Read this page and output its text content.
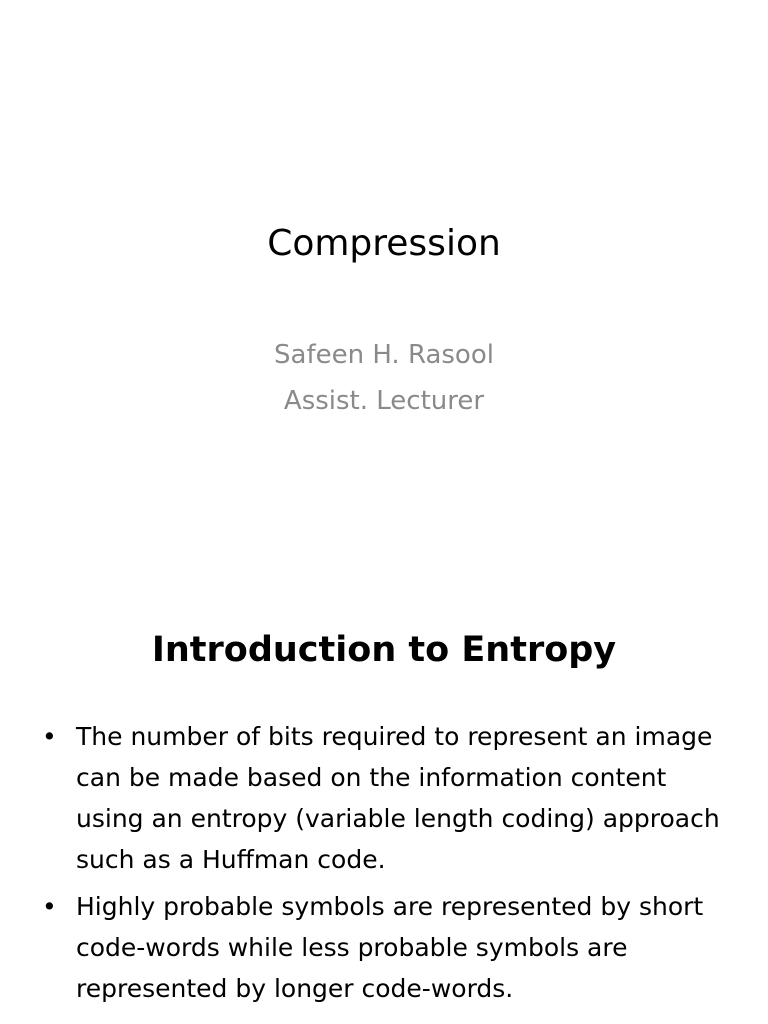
Compression
Safeen H. Rasool
Assist. Lecturer
Introduction to Entropy
• The number of bits required to represent an image can be made based on the information content using an entropy (variable length coding) approach such as a Huffman code.
• Highly probable symbols are represented by short code-words while less probable symbols are represented by longer code-words.
